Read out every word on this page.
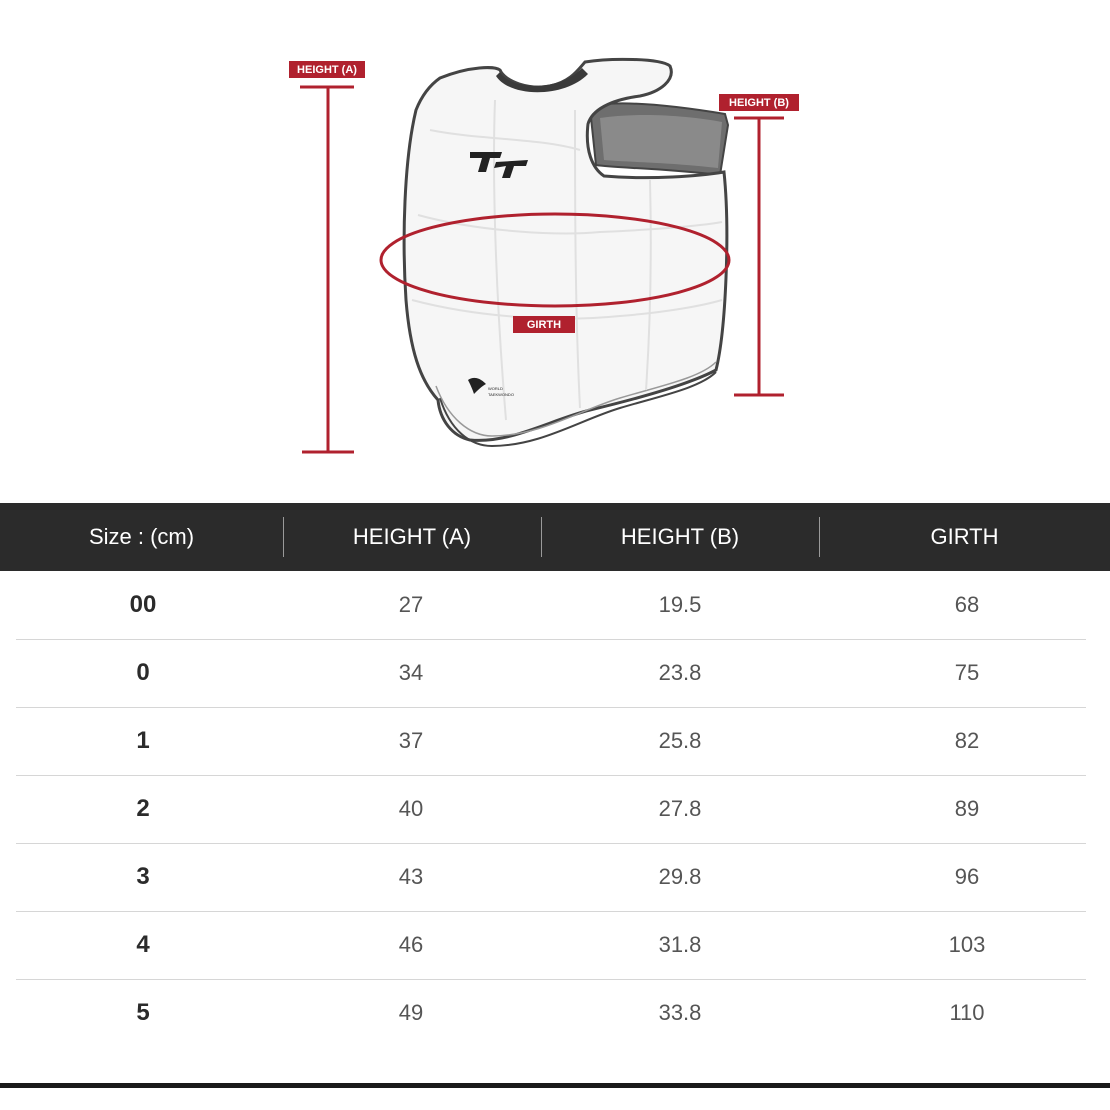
HEIGHT (A)
HEIGHT (B)
WORLD
TAEKWONDO
GIRTH
Size : (cm)	HEIGHT (A)	HEIGHT (B)	GIRTH
00	27	19.5	68
0	34	23.8	75
1	37	25.8	82
2	40	27.8	89
3	43	29.8	96
4	46	31.8	103
5	49	33.8	110
